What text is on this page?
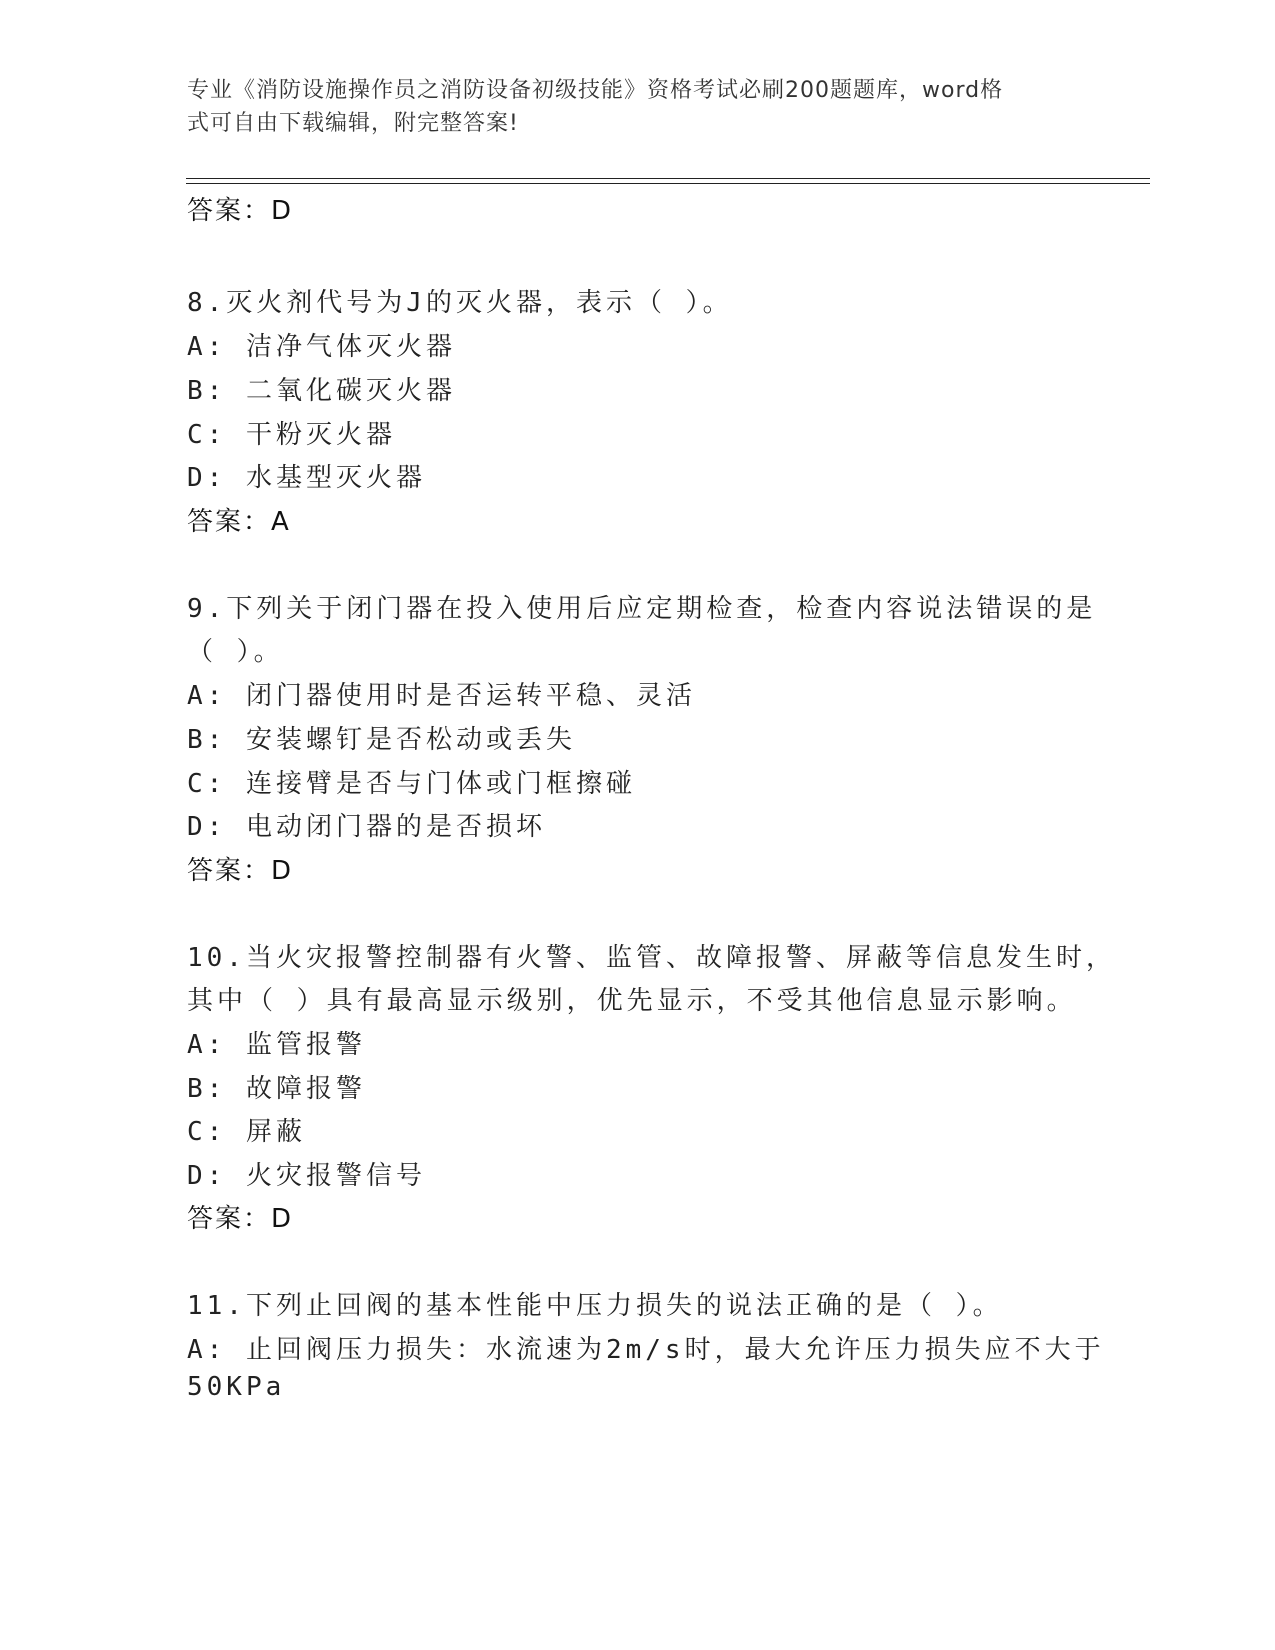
专业《消防设施操作员之消防设备初级技能》资格考试必刷200题题库，word格
式可自由下载编辑，附完整答案!
答案：D
8.灭火剂代号为J的灭火器，表示（ ）。
A: 洁净气体灭火器
B: 二氧化碳灭火器
C: 干粉灭火器
D: 水基型灭火器
答案：A
9.下列关于闭门器在投入使用后应定期检查，检查内容说法错误的是
（ ）。
A: 闭门器使用时是否运转平稳、灵活
B: 安装螺钉是否松动或丢失
C: 连接臂是否与门体或门框擦碰
D: 电动闭门器的是否损坏
答案：D
10.当火灾报警控制器有火警、监管、故障报警、屏蔽等信息发生时，
其中（ ）具有最高显示级别，优先显示，不受其他信息显示影响。
A: 监管报警
B: 故障报警
C: 屏蔽
D: 火灾报警信号
答案：D
11.下列止回阀的基本性能中压力损失的说法正确的是（ ）。
A: 止回阀压力损失：水流速为2m/s时，最大允许压力损失应不大于
50KPa
